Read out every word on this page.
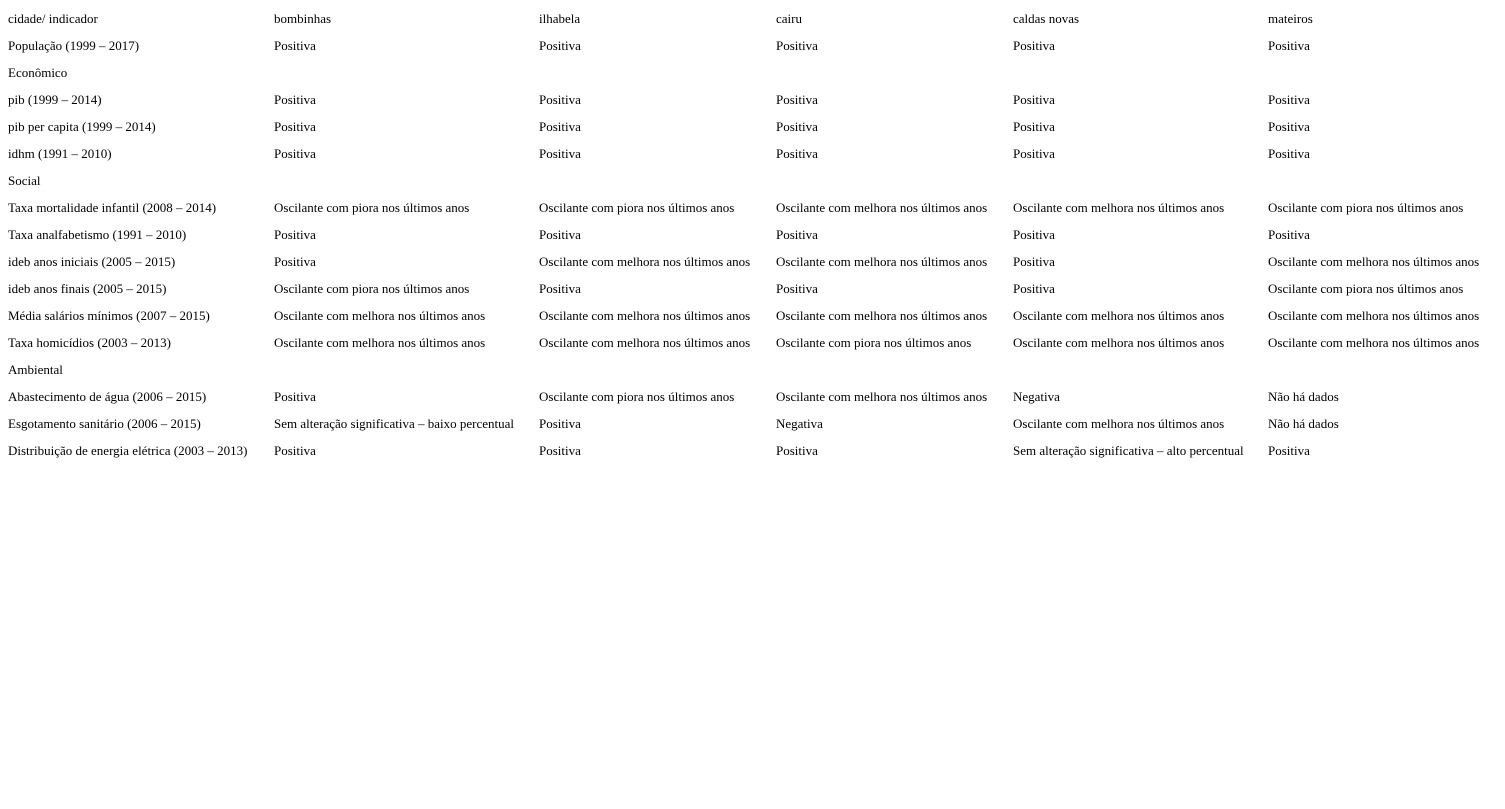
cidade/ indicador	bombinhas	ilhabela	cairu	caldas novas	mateiros
População (1999 – 2017)	Positiva	Positiva	Positiva	Positiva	Positiva
Econômico					
pib (1999 – 2014)	Positiva	Positiva	Positiva	Positiva	Positiva
pib per capita (1999 – 2014)	Positiva	Positiva	Positiva	Positiva	Positiva
idhm (1991 – 2010)	Positiva	Positiva	Positiva	Positiva	Positiva
Social					
Taxa mortalidade infantil (2008 – 2014)	Oscilante com piora nos últimos anos	Oscilante com piora nos últimos anos	Oscilante com melhora nos últimos anos	Oscilante com melhora nos últimos anos	Oscilante com piora nos últimos anos
Taxa analfabetismo (1991 – 2010)	Positiva	Positiva	Positiva	Positiva	Positiva
ideb anos iniciais (2005 – 2015)	Positiva	Oscilante com melhora nos últimos anos	Oscilante com melhora nos últimos anos	Positiva	Oscilante com melhora nos últimos anos
ideb anos finais (2005 – 2015)	Oscilante com piora nos últimos anos	Positiva	Positiva	Positiva	Oscilante com piora nos últimos anos
Média salários mínimos (2007 – 2015)	Oscilante com melhora nos últimos anos	Oscilante com melhora nos últimos anos	Oscilante com melhora nos últimos anos	Oscilante com melhora nos últimos anos	Oscilante com melhora nos últimos anos
Taxa homicídios (2003 – 2013)	Oscilante com melhora nos últimos anos	Oscilante com melhora nos últimos anos	Oscilante com piora nos últimos anos	Oscilante com melhora nos últimos anos	Oscilante com melhora nos últimos anos
Ambiental					
Abastecimento de água (2006 – 2015)	Positiva	Oscilante com piora nos últimos anos	Oscilante com melhora nos últimos anos	Negativa	Não há dados
Esgotamento sanitário (2006 – 2015)	Sem alteração significativa – baixo percentual	Positiva	Negativa	Oscilante com melhora nos últimos anos	Não há dados
Distribuição de energia elétrica (2003 – 2013)	Positiva	Positiva	Positiva	Sem alteração significativa – alto percentual	Positiva
